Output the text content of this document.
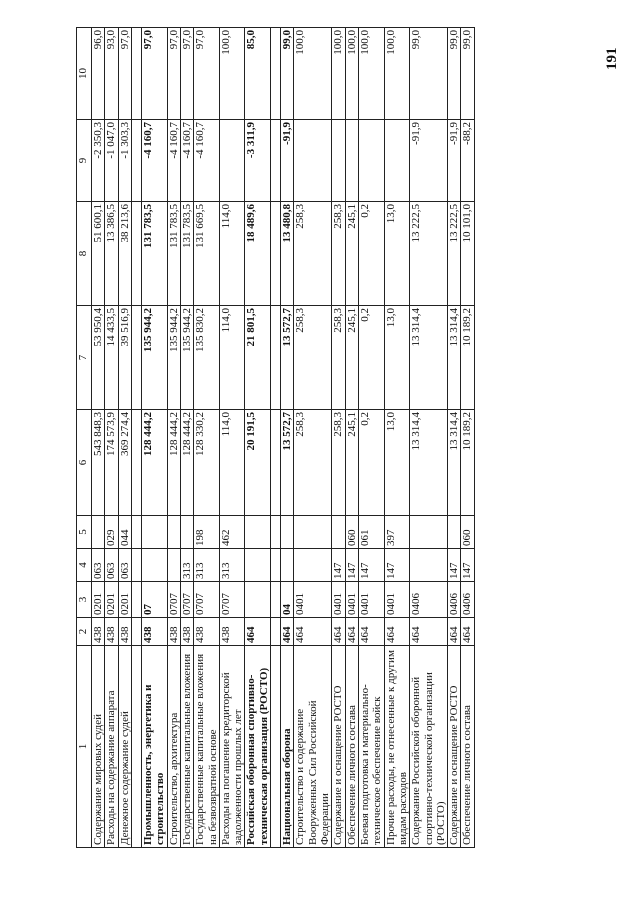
191
1	2	3	4	5	6	7	8	9	10
Содержание мировых судей	438	0201	063		543 848,3	53 950,4	51 600,1	-2 350,3	96,0
Расходы на содержание аппарата	438	0201	063	029	174 573,9	14 433,5	13 386,5	-1 047,0	93,0
Денежное содержание судей	438	0201	063	044	369 274,4	39 516,9	38 213,6	-1 303,3	97,0

Промышленность, энергетика и строительство	438	07			128 444,2	135 944,2	131 783,5	-4 160,7	97,0
Строительство, архитектура	438	0707			128 444,2	135 944,2	131 783,5	-4 160,7	97,0
Государственные капитальные вложения	438	0707	313		128 444,2	135 944,2	131 783,5	-4 160,7	97,0
Государственные капитальные вложения на безвозвратной основе	438	0707	313	198	128 330,2	135 830,2	131 669,5	-4 160,7	97,0
Расходы на погашение кредиторской задолженности прошлых лет	438	0707	313	462	114,0	114,0	114,0		100,0
Российская оборонная спортивно-техническая организация (РОСТО)	464				20 191,5	21 801,5	18 489,6	-3 311,9	85,0

Национальная оборона	464	04			13 572,7	13 572,7	13 480,8	-91,9	99,0
Строительство и содержание Вооруженных Сил Российской Федерации	464	0401			258,3	258,3	258,3		100,0
Содержание и оснащение РОСТО	464	0401	147		258,3	258,3	258,3		100,0
Обеспечение личного состава	464	0401	147	060	245,1	245,1	245,1		100,0
Боевая подготовка и материально-техническое обеспечение войск	464	0401	147	061	0,2	0,2	0,2		100,0
Прочие расходы, не отнесенные к другим видам расходов	464	0401	147	397	13,0	13,0	13,0		100,0
Содержание Российской оборонной спортивно-технической организации (РОСТО)	464	0406			13 314,4	13 314,4	13 222,5	-91,9	99,0
Содержание и оснащение РОСТО	464	0406	147		13 314,4	13 314,4	13 222,5	-91,9	99,0
Обеспечение личного состава	464	0406	147	060	10 189,2	10 189,2	10 101,0	-88,2	99,0
